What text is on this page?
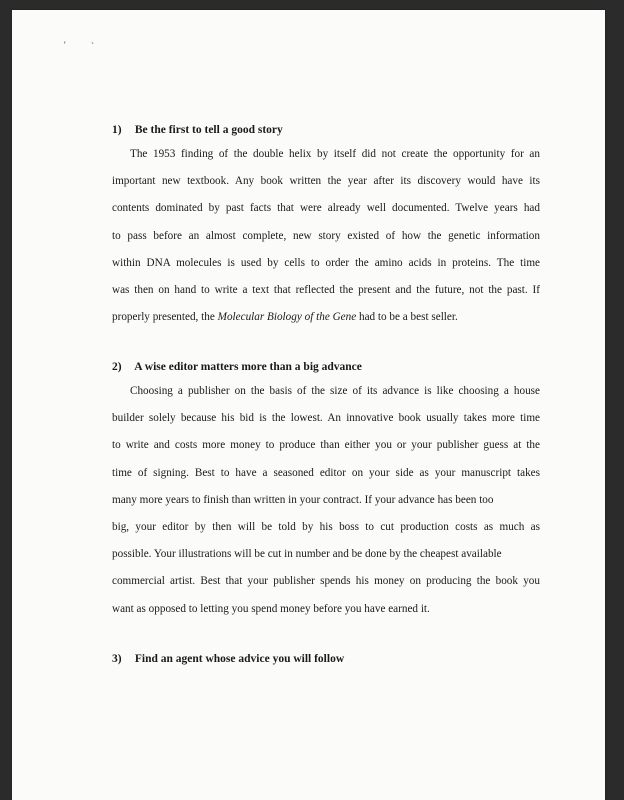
'	`

1) Be the first to tell a good story

The 1953 finding of the double helix by itself did not create the opportunity for an
important new textbook. Any book written the year after its discovery would have its
contents dominated by past facts that were already well documented. Twelve years had
to pass before an almost complete, new story existed of how the genetic information
within DNA molecules is used by cells to order the amino acids in proteins. The time
was then on hand to write a text that reflected the present and the future, not the past. If
properly presented, the Molecular Biology of the Gene had to be a best seller.

2) A wise editor matters more than a big advance

Choosing a publisher on the basis of the size of its advance is like choosing a house
builder solely because his bid is the lowest. An innovative book usually takes more time
to write and costs more money to produce than either you or your publisher guess at the
time of signing. Best to have a seasoned editor on your side as your manuscript takes
many more years to finish than written in your contract. If your advance has been too
big, your editor by then will be told by his boss to cut production costs as much as
possible. Your illustrations will be cut in number and be done by the cheapest available
commercial artist. Best that your publisher spends his money on producing the book you
want as opposed to letting you spend money before you have earned it.

3) Find an agent whose advice you will follow
